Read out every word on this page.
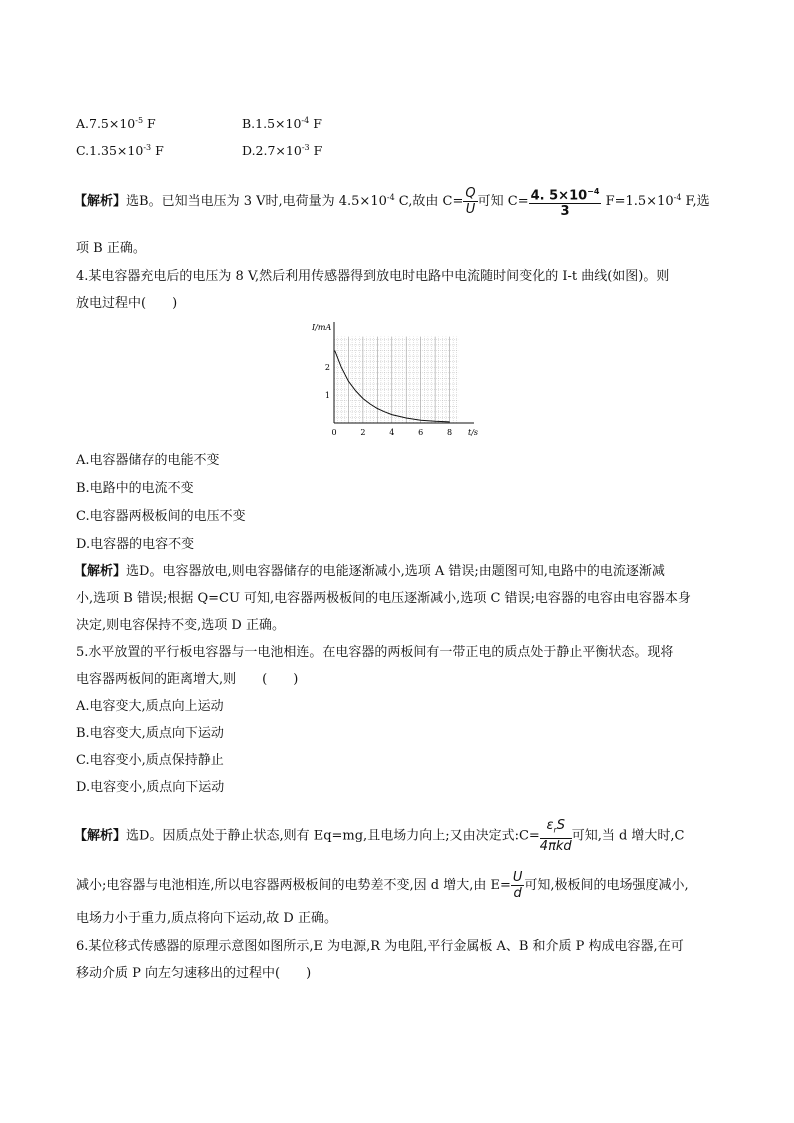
$A.7.5\times 10^{-5}$ F	$B.1.5\times 10^{-4}$ F
$C.1.35\times 10^{-3}$ F	$D.2.7\times 10^{-3}$ F
【解析】选B。已知当电压为 3 V时,电荷量为 $4.5\times 10^{-4}$ C,故由 $C= \frac{Q}{U}$ 可知 $C= \frac{4. 5\times 10^{-4}}{3} F=1.5\times 10^{-4}$ F,选
项 B 正确。
4.某电容器充电后的电压为 8 V,然后利用传感器得到放电时电路中电流随时间变化的 I-t 曲线(如图)。则
放电过程中(　　)
0	2	4	6	8
1
2
I/mA
t/s
A.电容器储存的电能不变
B.电路中的电流不变
C.电容器两极板间的电压不变
D.电容器的电容不变
【解析】选D。电容器放电,则电容器储存的电能逐渐减小,选项 A 错误;由题图可知,电路中的电流逐渐减
小,选项 B 错误;根据 Q=CU 可知,电容器两极板间的电压逐渐减小,选项 C 错误;电容器的电容由电容器本身
决定,则电容保持不变,选项 D 正确。
5.水平放置的平行板电容器与一电池相连。在电容器的两板间有一带正电的质点处于静止平衡状态。现将
电容器两板间的距离增大,则　　(　　)
A.电容变大,质点向上运动
B.电容变大,质点向下运动
C.电容变小,质点保持静止
D.电容变小,质点向下运动
【解析】选D。因质点处于静止状态,则有 Eq=mg,且电场力向上;又由决定式:C= $\frac{\varepsilon_rS}{\text{4πkd}}$ 可知,当 d 增大时,C
减小;电容器与电池相连,所以电容器两极板间的电势差不变,因 d 增大,由 $E= \frac{U}{d}$ 可知,极板间的电场强度减小,
电场力小于重力,质点将向下运动,故 D 正确。
6.某位移式传感器的原理示意图如图所示,E 为电源,R 为电阻,平行金属板 A、B 和介质 P 构成电容器,在可
移动介质 P 向左匀速移出的过程中(　　)
